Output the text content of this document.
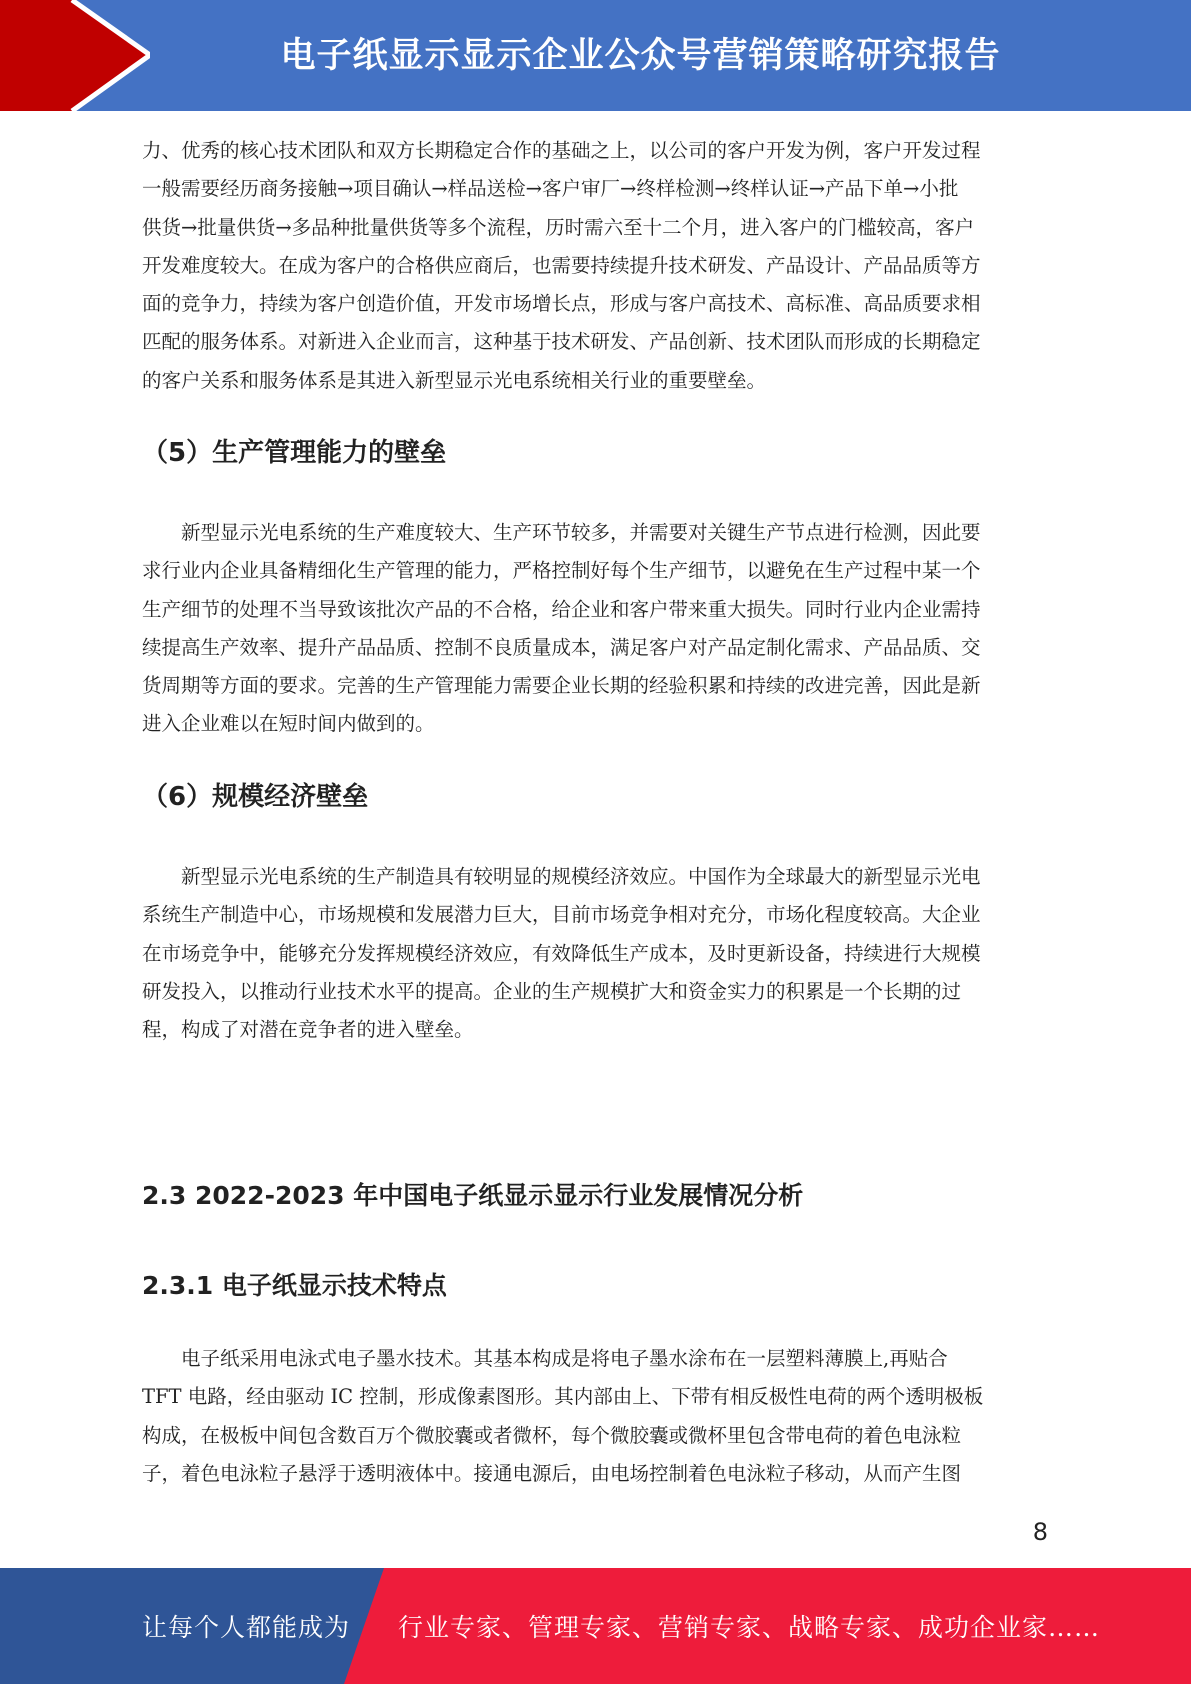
电子纸显示显示企业公众号营销策略研究报告

力、优秀的核心技术团队和双方长期稳定合作的基础之上，以公司的客户开发为例，客户开发过程

一般需要经历商务接触→项目确认→样品送检→客户审厂→终样检测→终样认证→产品下单→小批

供货→批量供货→多品种批量供货等多个流程，历时需六至十二个月，进入客户的门槛较高，客户

开发难度较大。在成为客户的合格供应商后，也需要持续提升技术研发、产品设计、产品品质等方

面的竞争力，持续为客户创造价值，开发市场增长点，形成与客户高技术、高标准、高品质要求相

匹配的服务体系。对新进入企业而言，这种基于技术研发、产品创新、技术团队而形成的长期稳定

的客户关系和服务体系是其进入新型显示光电系统相关行业的重要壁垒。

（5）生产管理能力的壁垒

新型显示光电系统的生产难度较大、生产环节较多，并需要对关键生产节点进行检测，因此要

求行业内企业具备精细化生产管理的能力，严格控制好每个生产细节，以避免在生产过程中某一个

生产细节的处理不当导致该批次产品的不合格，给企业和客户带来重大损失。同时行业内企业需持

续提高生产效率、提升产品品质、控制不良质量成本，满足客户对产品定制化需求、产品品质、交

货周期等方面的要求。完善的生产管理能力需要企业长期的经验积累和持续的改进完善，因此是新

进入企业难以在短时间内做到的。

（6）规模经济壁垒

新型显示光电系统的生产制造具有较明显的规模经济效应。中国作为全球最大的新型显示光电

系统生产制造中心，市场规模和发展潜力巨大，目前市场竞争相对充分，市场化程度较高。大企业

在市场竞争中，能够充分发挥规模经济效应，有效降低生产成本，及时更新设备，持续进行大规模

研发投入，以推动行业技术水平的提高。企业的生产规模扩大和资金实力的积累是一个长期的过

程，构成了对潜在竞争者的进入壁垒。

2.3 2022-2023 年中国电子纸显示显示行业发展情况分析
2.3.1 电子纸显示技术特点

电子纸采用电泳式电子墨水技术。其基本构成是将电子墨水涂布在一层塑料薄膜上,再贴合

TFT 电路，经由驱动 IC 控制，形成像素图形。其内部由上、下带有相反极性电荷的两个透明极板

构成，在极板中间包含数百万个微胶囊或者微杯，每个微胶囊或微杯里包含带电荷的着色电泳粒

子，着色电泳粒子悬浮于透明液体中。接通电源后，由电场控制着色电泳粒子移动，从而产生图

8
让每个人都能成为 行业专家、管理专家、营销专家、战略专家、成功企业家……
